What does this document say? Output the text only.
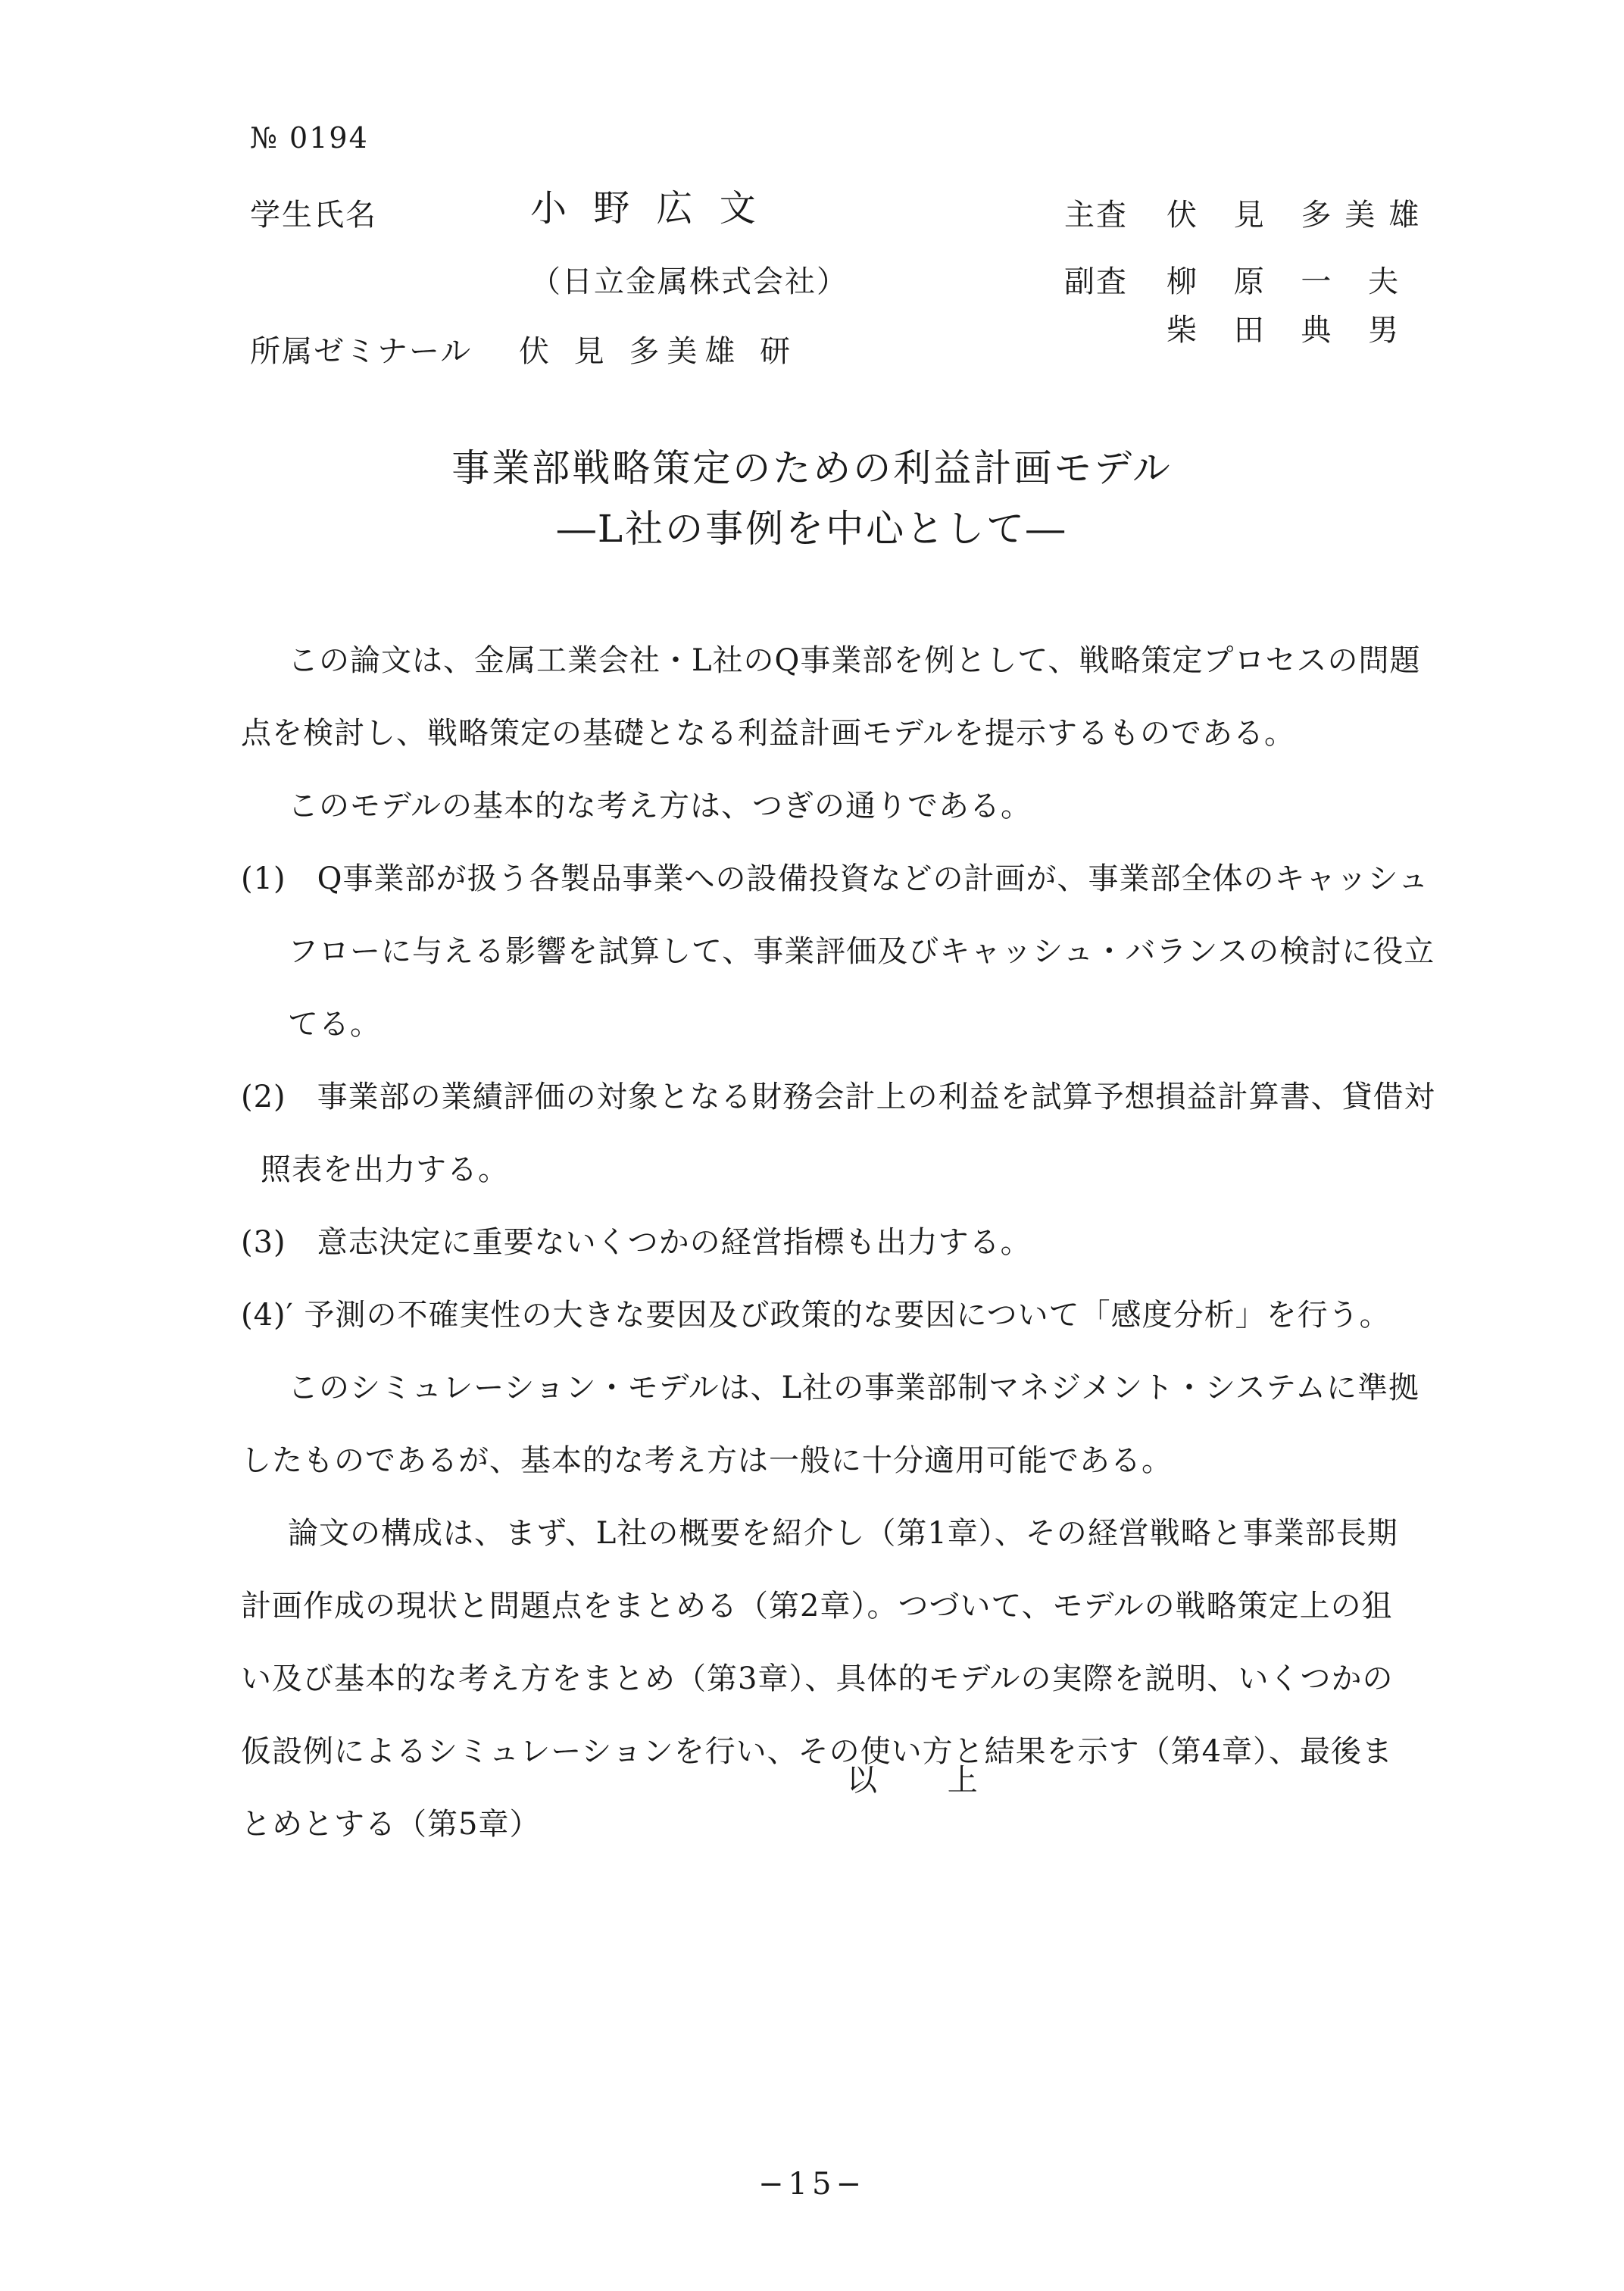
№ 0194
学生氏名	小 野 広 文
（日立金属株式会社）
所属ゼミナール 伏 見 多美雄 研
主査 伏 見 多美雄
副査 柳 原 一 夫
柴 田 典 男
事業部戦略策定のための利益計画モデル
―L社の事例を中心として―
この論文は、金属工業会社・L社のQ事業部を例として、戦略策定プロセスの問題
点を検討し、戦略策定の基礎となる利益計画モデルを提示するものである。
このモデルの基本的な考え方は、つぎの通りである。
(1)　Q事業部が扱う各製品事業への設備投資などの計画が、事業部全体のキャッシュ
フローに与える影響を試算して、事業評価及びキャッシュ・バランスの検討に役立
てる。
(2)　事業部の業績評価の対象となる財務会計上の利益を試算予想損益計算書、貸借対
照表を出力する。
(3)　意志決定に重要ないくつかの経営指標も出力する。
(4)′ 予測の不確実性の大きな要因及び政策的な要因について「感度分析」を行う。
このシミュレーション・モデルは、L社の事業部制マネジメント・システムに準拠
したものであるが、基本的な考え方は一般に十分適用可能である。
論文の構成は、まず、L社の概要を紹介し（第1章）、その経営戦略と事業部長期
計画作成の現状と問題点をまとめる（第2章）。つづいて、モデルの戦略策定上の狙
い及び基本的な考え方をまとめ（第3章）、具体的モデルの実際を説明、いくつかの
仮設例によるシミュレーションを行い、その使い方と結果を示す（第4章）、最後ま
とめとする（第5章）
以 上
−15−
